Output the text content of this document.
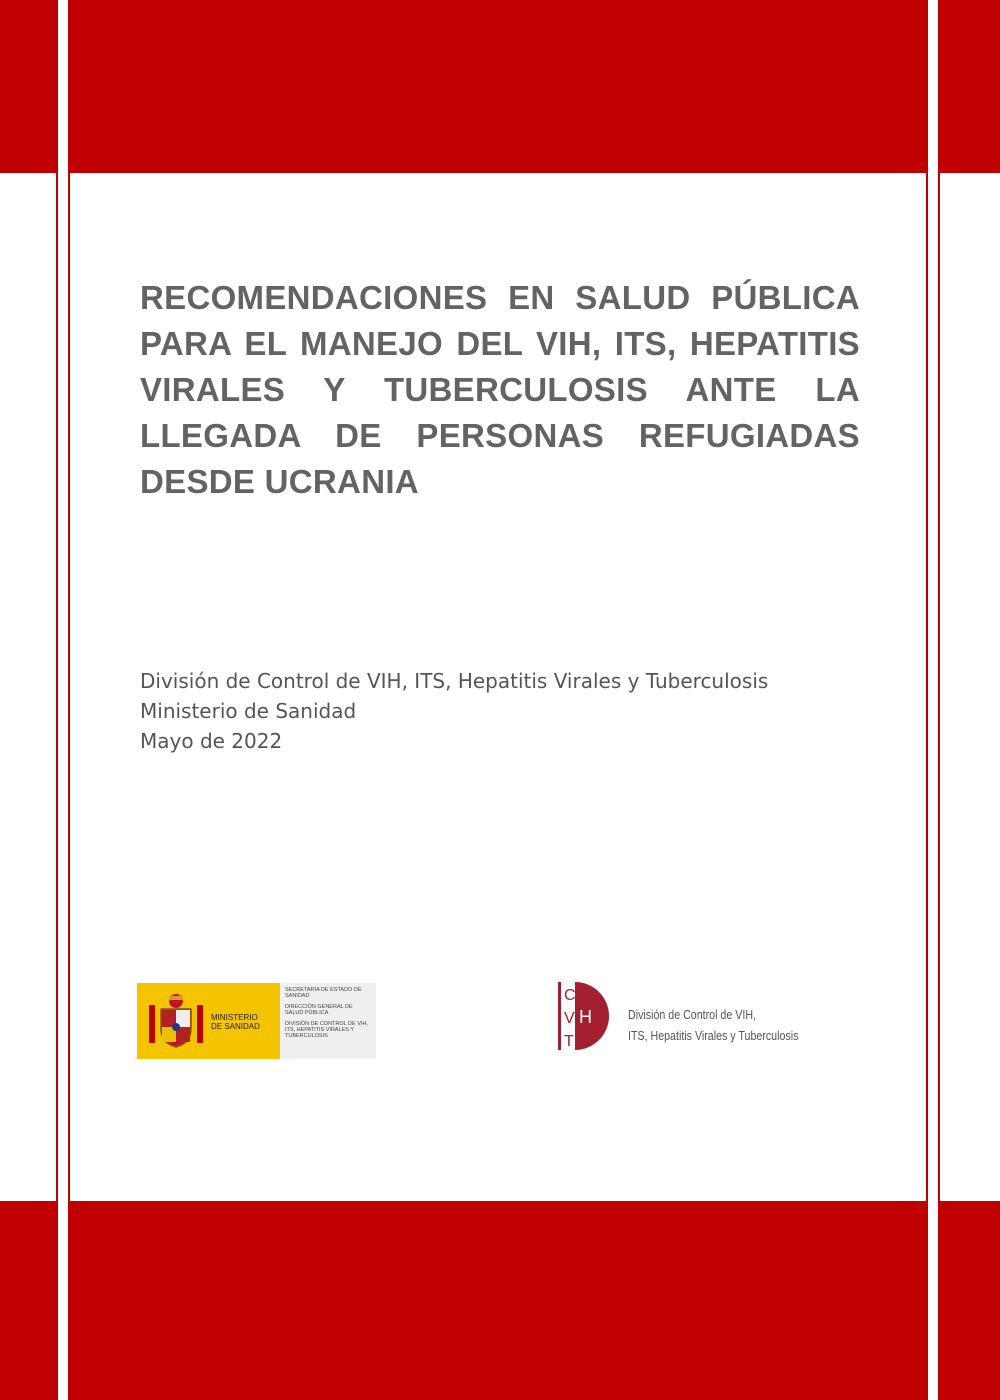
RECOMENDACIONES EN SALUD PÚBLICA PARA EL MANEJO DEL VIH, ITS, HEPATITIS VIRALES Y TUBERCULOSIS ANTE LA LLEGADA DE PERSONAS REFUGIADAS DESDE UCRANIA
División de Control de VIH, ITS, Hepatitis Virales y Tuberculosis
Ministerio de Sanidad
Mayo de 2022
MINISTERIO
DE SANIDAD
SECRETARÍA DE ESTADO DE SANIDAD
DIRECCIÓN GENERAL DE SALUD PÚBLICA
DIVISIÓN DE CONTROL DE VIH, ITS, HEPATITIS VIRALES Y TUBERCULOSIS
C
V
T
H	División de Control de VIH,
ITS, Hepatitis Virales y Tuberculosis
